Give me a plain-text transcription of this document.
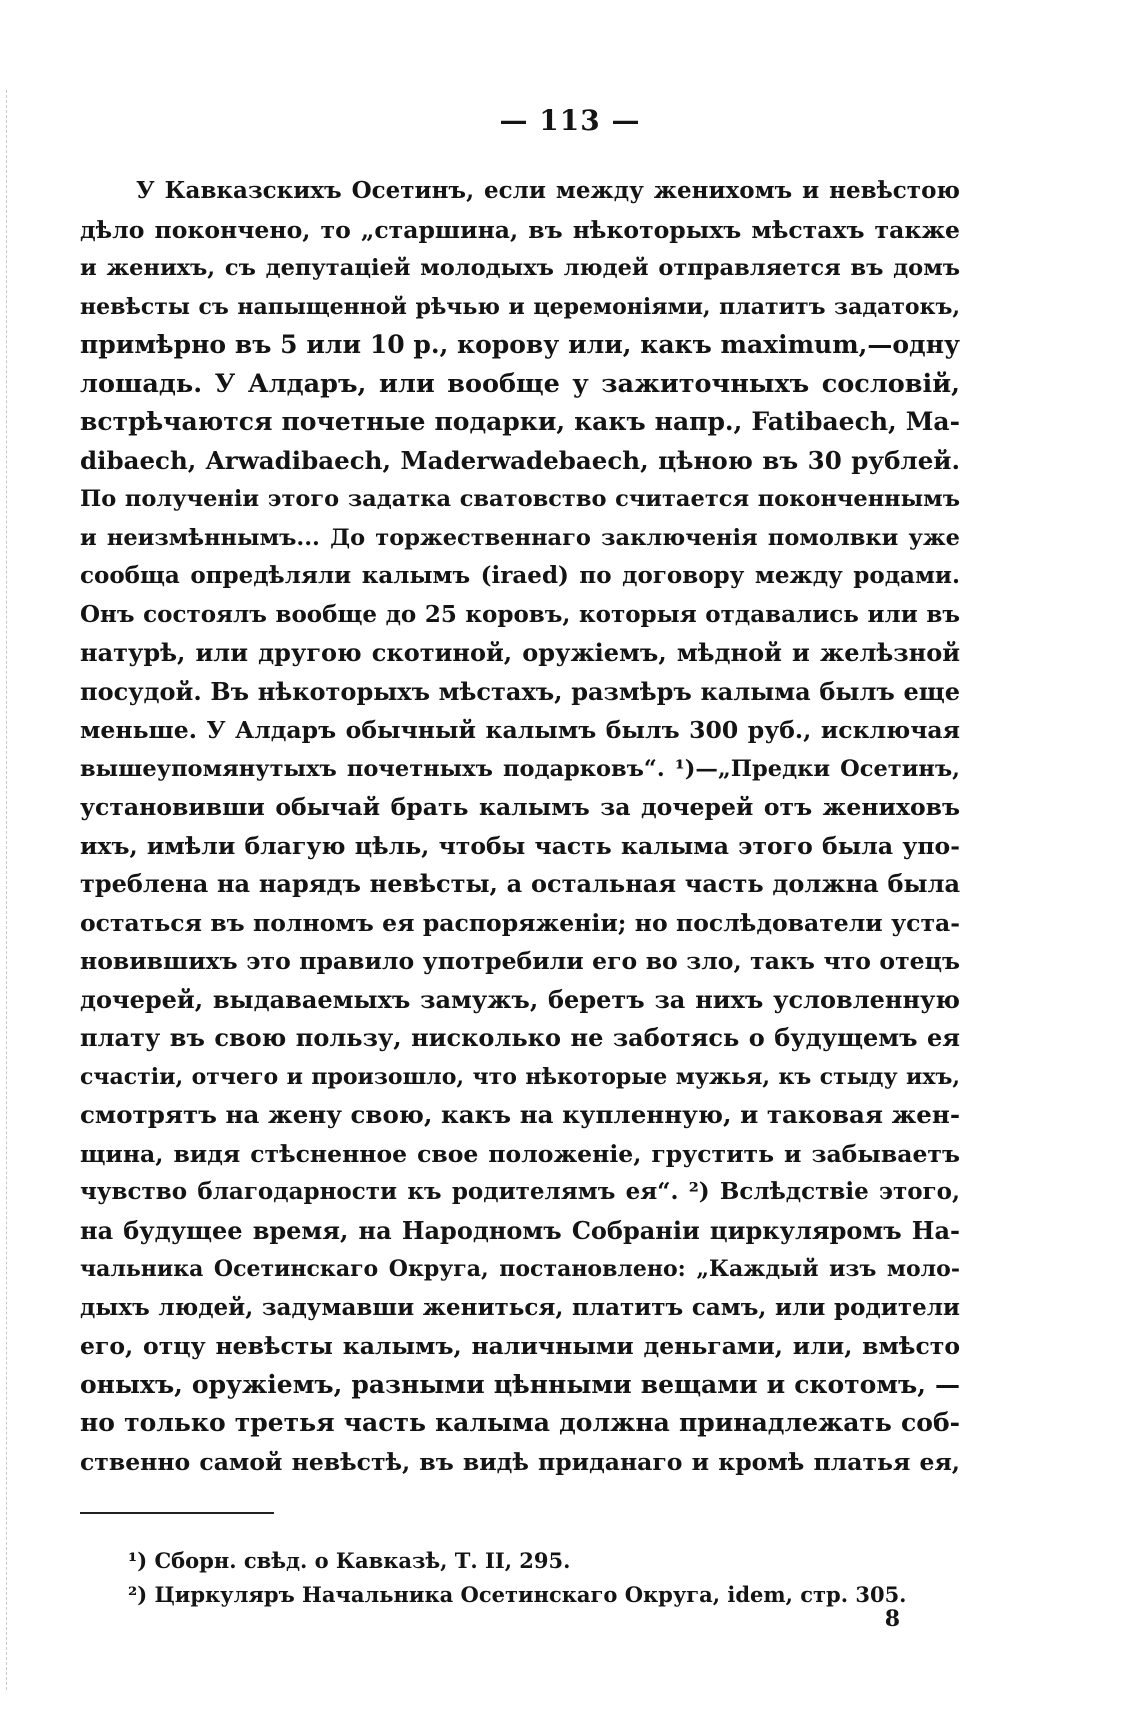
— 113 —
У Кавказскихъ Осетинъ, если между женихомъ и невѣстою
дѣло покончено, то „старшина, въ нѣкоторыхъ мѣстахъ также
и женихъ, съ депутаціей молодыхъ людей отправляется въ домъ
невѣсты съ напыщенной рѣчью и церемоніями, платитъ задатокъ,
примѣрно въ 5 или 10 р., корову или, какъ maximum,—одну
лошадь. У Алдаръ, или вообще у зажиточныхъ сословій,
встрѣчаются почетные подарки, какъ напр., Fatibaech, Ma-
dibaech, Arwadibaech, Maderwadebaech, цѣною въ 30 рублей.
По полученіи этого задатка сватовство считается поконченнымъ
и неизмѣннымъ... До торжественнаго заключенія помолвки уже
сообща опредѣляли калымъ (iraed) по договору между родами.
Онъ состоялъ вообще до 25 коровъ, которыя отдавались или въ
натурѣ, или другою скотиной, оружіемъ, мѣдной и желѣзной
посудой. Въ нѣкоторыхъ мѣстахъ, размѣръ калыма былъ еще
меньше. У Алдаръ обычный калымъ былъ 300 руб., исключая
вышеупомянутыхъ почетныхъ подарковъ“. ¹)—„Предки Осетинъ,
установивши обычай брать калымъ за дочерей отъ жениховъ
ихъ, имѣли благую цѣль, чтобы часть калыма этого была упо-
треблена на нарядъ невѣсты, а остальная часть должна была
остаться въ полномъ ея распоряженіи; но послѣдователи уста-
новившихъ это правило употребили его во зло, такъ что отецъ
дочерей, выдаваемыхъ замужъ, беретъ за нихъ условленную
плату въ свою пользу, нисколько не заботясь о будущемъ ея
счастіи, отчего и произошло, что нѣкоторые мужья, къ стыду ихъ,
смотрятъ на жену свою, какъ на купленную, и таковая жен-
щина, видя стѣсненное свое положеніе, грустить и забываетъ
чувство благодарности къ родителямъ ея“. ²) Вслѣдствіе этого,
на будущее время, на Народномъ Собраніи циркуляромъ На-
чальника Осетинскаго Округа, постановлено: „Каждый изъ моло-
дыхъ людей, задумавши жениться, платитъ самъ, или родители
его, отцу невѣсты калымъ, наличными деньгами, или, вмѣсто
оныхъ, оружіемъ, разными цѣнными вещами и скотомъ, —
но только третья часть калыма должна принадлежать соб-
ственно самой невѣстѣ, въ видѣ приданаго и кромѣ платья ея,
¹) Сборн. свѣд. о Кавказѣ, Т. II, 295.
²) Циркуляръ Начальника Осетинскаго Округа, idem, стр. 305.
8
